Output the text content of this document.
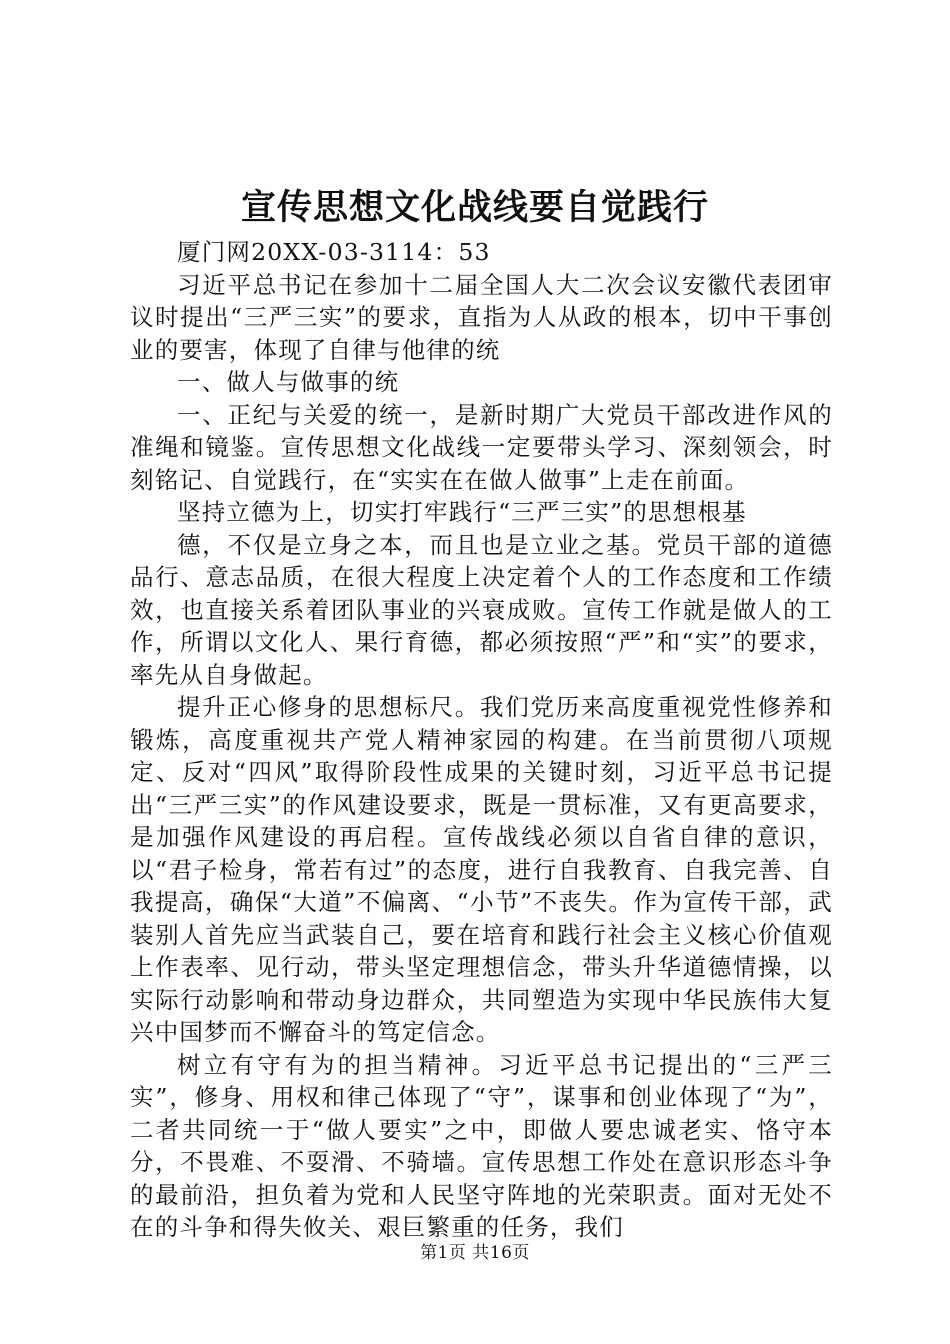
宣传思想文化战线要自觉践行

厦门网20XX-03-3114：53

习近平总书记在参加十二届全国人大二次会议安徽代表团审议时提出“三严三实”的要求，直指为人从政的根本，切中干事创业的要害，体现了自律与他律的统

一、做人与做事的统

一、正纪与关爱的统一，是新时期广大党员干部改进作风的准绳和镜鉴。宣传思想文化战线一定要带头学习、深刻领会，时刻铭记、自觉践行，在“实实在在做人做事”上走在前面。

坚持立德为上，切实打牢践行“三严三实”的思想根基

德，不仅是立身之本，而且也是立业之基。党员干部的道德品行、意志品质，在很大程度上决定着个人的工作态度和工作绩效，也直接关系着团队事业的兴衰成败。宣传工作就是做人的工作，所谓以文化人、果行育德，都必须按照“严”和“实”的要求，率先从自身做起。

提升正心修身的思想标尺。我们党历来高度重视党性修养和锻炼，高度重视共产党人精神家园的构建。在当前贯彻八项规定、反对“四风”取得阶段性成果的关键时刻，习近平总书记提出“三严三实”的作风建设要求，既是一贯标准，又有更高要求，是加强作风建设的再启程。宣传战线必须以自省自律的意识，以“君子检身，常若有过”的态度，进行自我教育、自我完善、自我提高，确保“大道”不偏离、“小节”不丧失。作为宣传干部，武装别人首先应当武装自己，要在培育和践行社会主义核心价值观上作表率、见行动，带头坚定理想信念，带头升华道德情操，以实际行动影响和带动身边群众，共同塑造为实现中华民族伟大复兴中国梦而不懈奋斗的笃定信念。

树立有守有为的担当精神。习近平总书记提出的“三严三实”，修身、用权和律己体现了“守”，谋事和创业体现了“为”，二者共同统一于“做人要实”之中，即做人要忠诚老实、恪守本分，不畏难、不耍滑、不骑墙。宣传思想工作处在意识形态斗争的最前沿，担负着为党和人民坚守阵地的光荣职责。面对无处不在的斗争和得失攸关、艰巨繁重的任务，我们

第1页 共16页
